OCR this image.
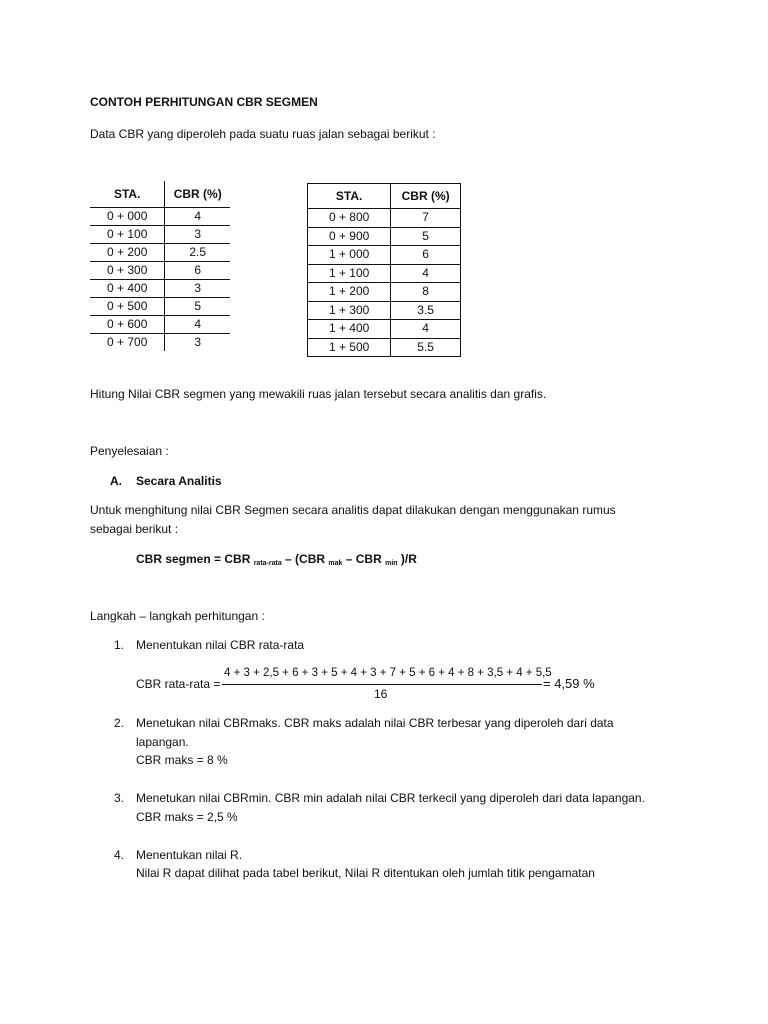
CONTOH PERHITUNGAN CBR SEGMEN
Data CBR yang diperoleh pada suatu ruas jalan sebagai berikut :
STA.	CBR (%)
0 + 000	4
0 + 100	3
0 + 200	2.5
0 + 300	6
0 + 400	3
0 + 500	5
0 + 600	4
0 + 700	3
STA.	CBR (%)
0 + 800	7
0 + 900	5
1 + 000	6
1 + 100	4
1 + 200	8
1 + 300	3.5
1 + 400	4
1 + 500	5.5
Hitung Nilai CBR segmen yang mewakili ruas jalan tersebut secara analitis dan grafis.
Penyelesaian :
A. Secara Analitis
Untuk menghitung nilai CBR Segmen secara analitis dapat dilakukan dengan menggunakan rumus
sebagai berikut :
CBR segmen = CBR $_{rata-rata}$ – (CBR $_{mak}$ – CBR $_{min}$ )/R
Langkah – langkah perhitungan :
1. Menentukan nilai CBR rata-rata
CBR rata-rata =
4 + 3 + 2,5 + 6 + 3 + 5 + 4 + 3 + 7 + 5 + 6 + 4 + 8 + 3,5 + 4 + 5,5
16
= 4,59 %
2. Menetukan nilai CBRmaks. CBR maks adalah nilai CBR terbesar yang diperoleh dari data
lapangan.
CBR maks = 8 %
3. Menetukan nilai CBRmin. CBR min adalah nilai CBR terkecil yang diperoleh dari data lapangan.
CBR maks = 2,5 %
4. Menentukan nilai R.
Nilai R dapat dilihat pada tabel berikut, Nilai R ditentukan oleh jumlah titik pengamatan
